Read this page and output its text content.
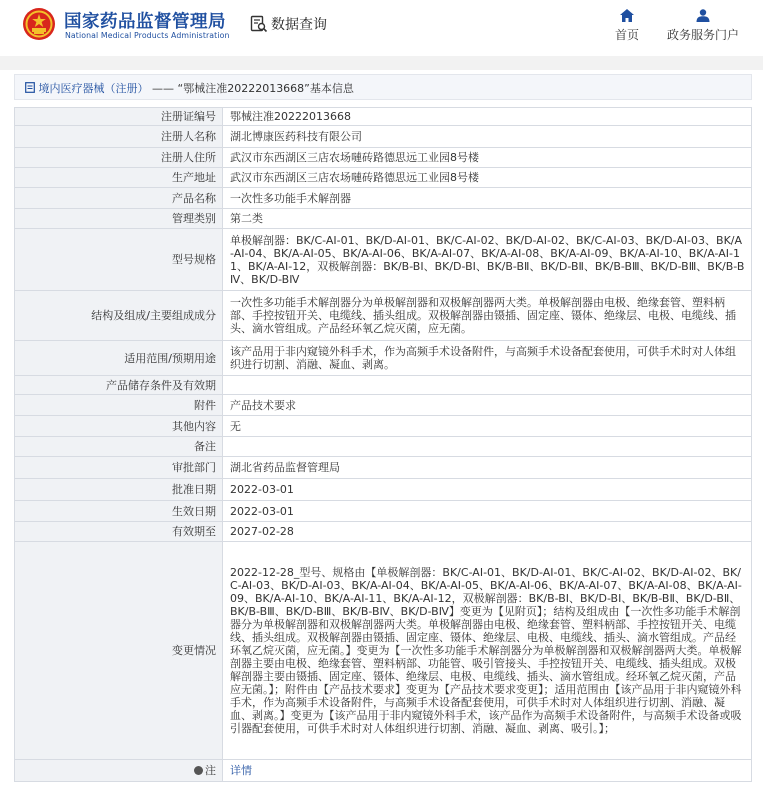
国家药品监督管理局
National Medical Products Administration
数据查询
首页 政务服务门户
境内医疗器械（注册） —— “鄂械注准20222013668”基本信息
注册证编号	鄂械注准20222013668
注册人名称	湖北博康医药科技有限公司
注册人住所	武汉市东西湖区三店农场嗹砖路德思远工业园8号楼
生产地址	武汉市东西湖区三店农场嗹砖路德思远工业园8号楼
产品名称	一次性多功能手术解剖器
管理类别	第二类
型号规格	单极解剖器：BK/C-AⅠ-01、BK/D-AⅠ-01、BK/C-AⅠ-02、BK/D-AⅠ-02、BK/C-AⅠ-03、BK/D-AⅠ-03、BK/A-AⅠ-04、BK/A-AⅠ-05、BK/A-AⅠ-06、BK/A-AⅠ-07、BK/A-AⅠ-08、BK/A-AⅠ-09、BK/A-AⅠ-10、BK/A-AⅠ-11、BK/A-AⅠ-12，双极解剖器：BK/B-BⅠ、BK/D-BⅠ、BK/B-BⅡ、BK/D-BⅡ、BK/B-BⅢ、BK/D-BⅢ、BK/B-BⅣ、BK/D-BⅣ
结构及组成/主要组成成分	一次性多功能手术解剖器分为单极解剖器和双极解剖器两大类。单极解剖器由电极、绝缘套管、塑料柄部、手控按钮开关、电缆线、插头组成。双极解剖器由镊插、固定座、镊体、绝缘层、电极、电缆线、插头、滴水管组成。产品经环氧乙烷灭菌，应无菌。
适用范围/预期用途	该产品用于非内窥镜外科手术，作为高频手术设备附件，与高频手术设备配套使用，可供手术时对人体组织进行切割、消融、凝血、剥离。
产品储存条件及有效期	
附件	产品技术要求
其他内容	无
备注	
审批部门	湖北省药品监督管理局
批准日期	2022-03-01
生效日期	2022-03-01
有效期至	2027-02-28
变更情况	2022-12-28_型号、规格由【单极解剖器：BK/C-AⅠ-01、BK/D-AⅠ-01、BK/C-AⅠ-02、BK/D-AⅠ-02、BK/C-AⅠ-03、BK/D-AⅠ-03、BK/A-AⅠ-04、BK/A-AⅠ-05、BK/A-AⅠ-06、BK/A-AⅠ-07、BK/A-AⅠ-08、BK/A-AⅠ-09、BK/A-AⅠ-10、BK/A-AⅠ-11、BK/A-AⅠ-12，双极解剖器：BK/B-BⅠ、BK/D-BⅠ、BK/B-BⅡ、BK/D-BⅡ、BK/B-BⅢ、BK/D-BⅢ、BK/B-BⅣ、BK/D-BⅣ】变更为【见附页】；结构及组成由【一次性多功能手术解剖器分为单极解剖器和双极解剖器两大类。单极解剖器由电极、绝缘套管、塑料柄部、手控按钮开关、电缆线、插头组成。双极解剖器由镊插、固定座、镊体、绝缘层、电极、电缆线、插头、滴水管组成。产品经环氧乙烷灭菌，应无菌。】变更为【一次性多功能手术解剖器分为单极解剖器和双极解剖器两大类。单极解剖器主要由电极、绝缘套管、塑料柄部、功能管、吸引管接头、手控按钮开关、电缆线、插头组成。双极解剖器主要由镊插、固定座、镊体、绝缘层、电极、电缆线、插头、滴水管组成。经环氧乙烷灭菌，产品应无菌。】；附件由【产品技术要求】变更为【产品技术要求变更】；适用范围由【该产品用于非内窥镜外科手术，作为高频手术设备附件，与高频手术设备配套使用，可供手术时对人体组织进行切割、消融、凝血、剥离。】变更为【该产品用于非内窥镜外科手术，该产品作为高频手术设备附件，与高频手术设备或吸引器配套使用，可供手术时对人体组织进行切割、消融、凝血、剥离、吸引。】；
注	详情
